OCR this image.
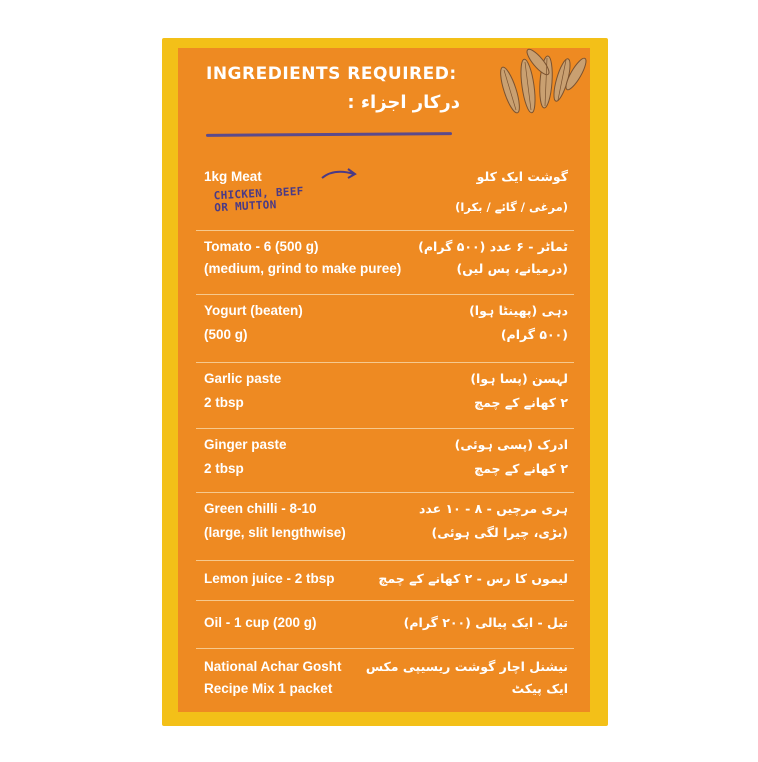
INGREDIENTS REQUIRED:
درکار اجزاء :
1kg Meat
CHICKEN, BEEF
OR MUTTON
گوشت ایک کلو
(مرغی / گائے / بکرا)
Tomato - 6 (500 g)
(medium, grind to make puree)
ٹماٹر - ۶ عدد (۵۰۰ گرام)
(درمیانے، پس لیں)
Yogurt (beaten)
(500 g)
دہی (پھینٹا ہوا)
(۵۰۰ گرام)
Garlic paste
2 tbsp
لہسن (پسا ہوا)
۲ کھانے کے چمچ
Ginger paste
2 tbsp
ادرک (پسی ہوئی)
۲ کھانے کے چمچ
Green chilli - 8-10
(large, slit lengthwise)
ہری مرچیں - ۸ - ۱۰ عدد
(بڑی، چیرا لگی ہوئی)
Lemon juice - 2 tbsp	لیموں کا رس - ۲ کھانے کے چمچ
Oil - 1 cup (200 g)	تیل - ایک پیالی (۲۰۰ گرام)
National Achar Gosht
Recipe Mix 1 packet
نیشنل اچار گوشت ریسیپی مکس
ایک پیکٹ
